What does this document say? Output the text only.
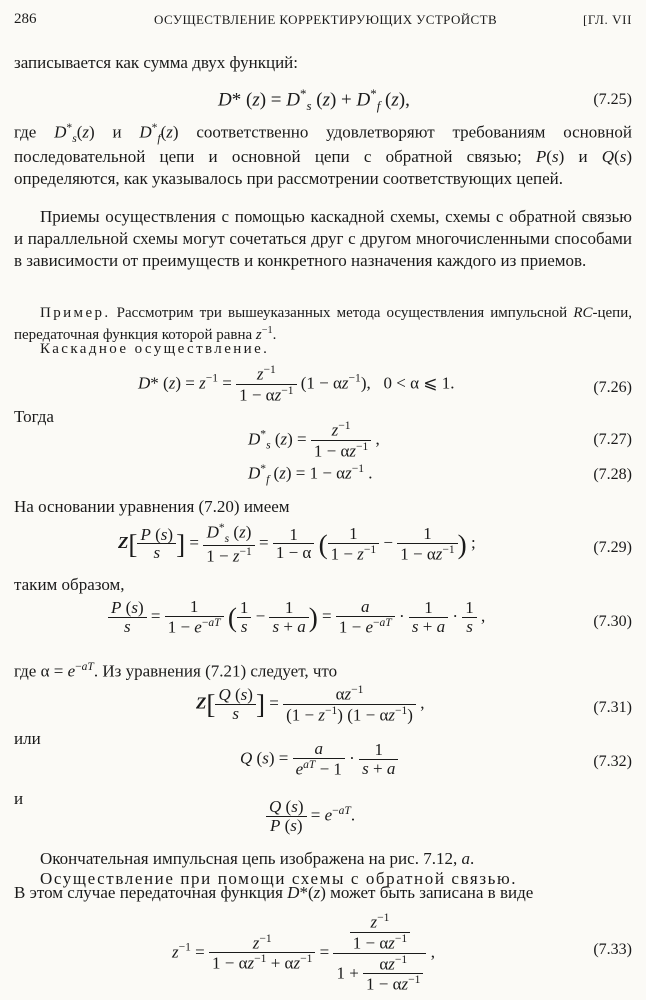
286	ОСУЩЕСТВЛЕНИЕ КОРРЕКТИРУЮЩИХ УСТРОЙСТВ	[ГЛ. VII
записывается как сумма двух функций:
D* $(z) = D^*_s$ $(z) + D^*_f$ (z),	(7.25)
где $D^*_s(z)$ и $D^*_f(z)$ соответственно удовлетворяют требованиям основной последовательной цепи и основной цепи с обратной связью; P(s) и Q(s) определяются, как указывалось при рассмотрении соответствующих цепей.
Приемы осуществления с помощью каскадной схемы, схемы с обратной связью и параллельной схемы могут сочетаться друг с другом многочисленными способами в зависимости от преимуществ и конкретного назначения каждого из приемов.
Пример. Рассмотрим три вышеуказанных метода осуществления импульсной RC-цепи, передаточная функция которой равна $z^{-1}$.
Каскадное осуществление.
D* $(z) = z^{-1} = \frac{z^{-1}}{1 - \alpha z^{-1}} (1 - \alpha z^{-1})$,   0 < α ⩽ 1.	(7.26)
Тогда
$D^*_s$ $(z) = \frac{z^{-1}}{1 - \alpha z^{-1}}$ ,	(7.27)
$D^*_f$ $(z) = 1 - \alpha z^{-1}$ .	(7.28)
На основании уравнения (7.20) имеем
$Z[ \frac{P (s)}{s}$ ] = $\frac{D^*_s (z)}{1 - z^{-1}} = \frac{1}{1 - \alpha}$ ( $\frac{1}{1 - z^{-1}} - \frac{1}{1 - \alpha z^{-1}}$ ) ;	(7.29)
таким образом,
$\frac{P (s)}{s} = \frac{1}{1 - e^{-aT}}$ ( $\frac{1}{s} - \frac{1}{s + a}$ ) = $\frac{a}{1 - e^{-aT}} \cdot \frac{1}{s + a} \cdot \frac{1}{s}$ ,	(7.30)
где $\alpha = e^{-aT}$. Из уравнения (7.21) следует, что
$Z[ \frac{Q (s)}{s}$ ] = $\frac{\alpha z^{-1}}{(1 - z^{-1}) (1 - \alpha z^{-1})}$ ,	(7.31)
или
Q $(s) = \frac{a}{e^{aT} - 1} \cdot \frac{1}{s + a}$	(7.32)
и	$\frac{Q (s)}{P (s)} = e^{-aT}$.
Окончательная импульсная цепь изображена на рис. 7.12, а.
Осуществление при помощи схемы с обратной связью.
В этом случае передаточная функция D*(z) может быть записана в виде
$z^{-1} = \frac{z^{-1}}{1 - \alpha z^{-1} + \alpha z^{-1}} = \frac{\frac{z^{-1}}{1 - \alpha z^{-1}}}{1 + \frac{\alpha z^{-1}}{1 - \alpha z^{-1}}}$ ,	(7.33)
